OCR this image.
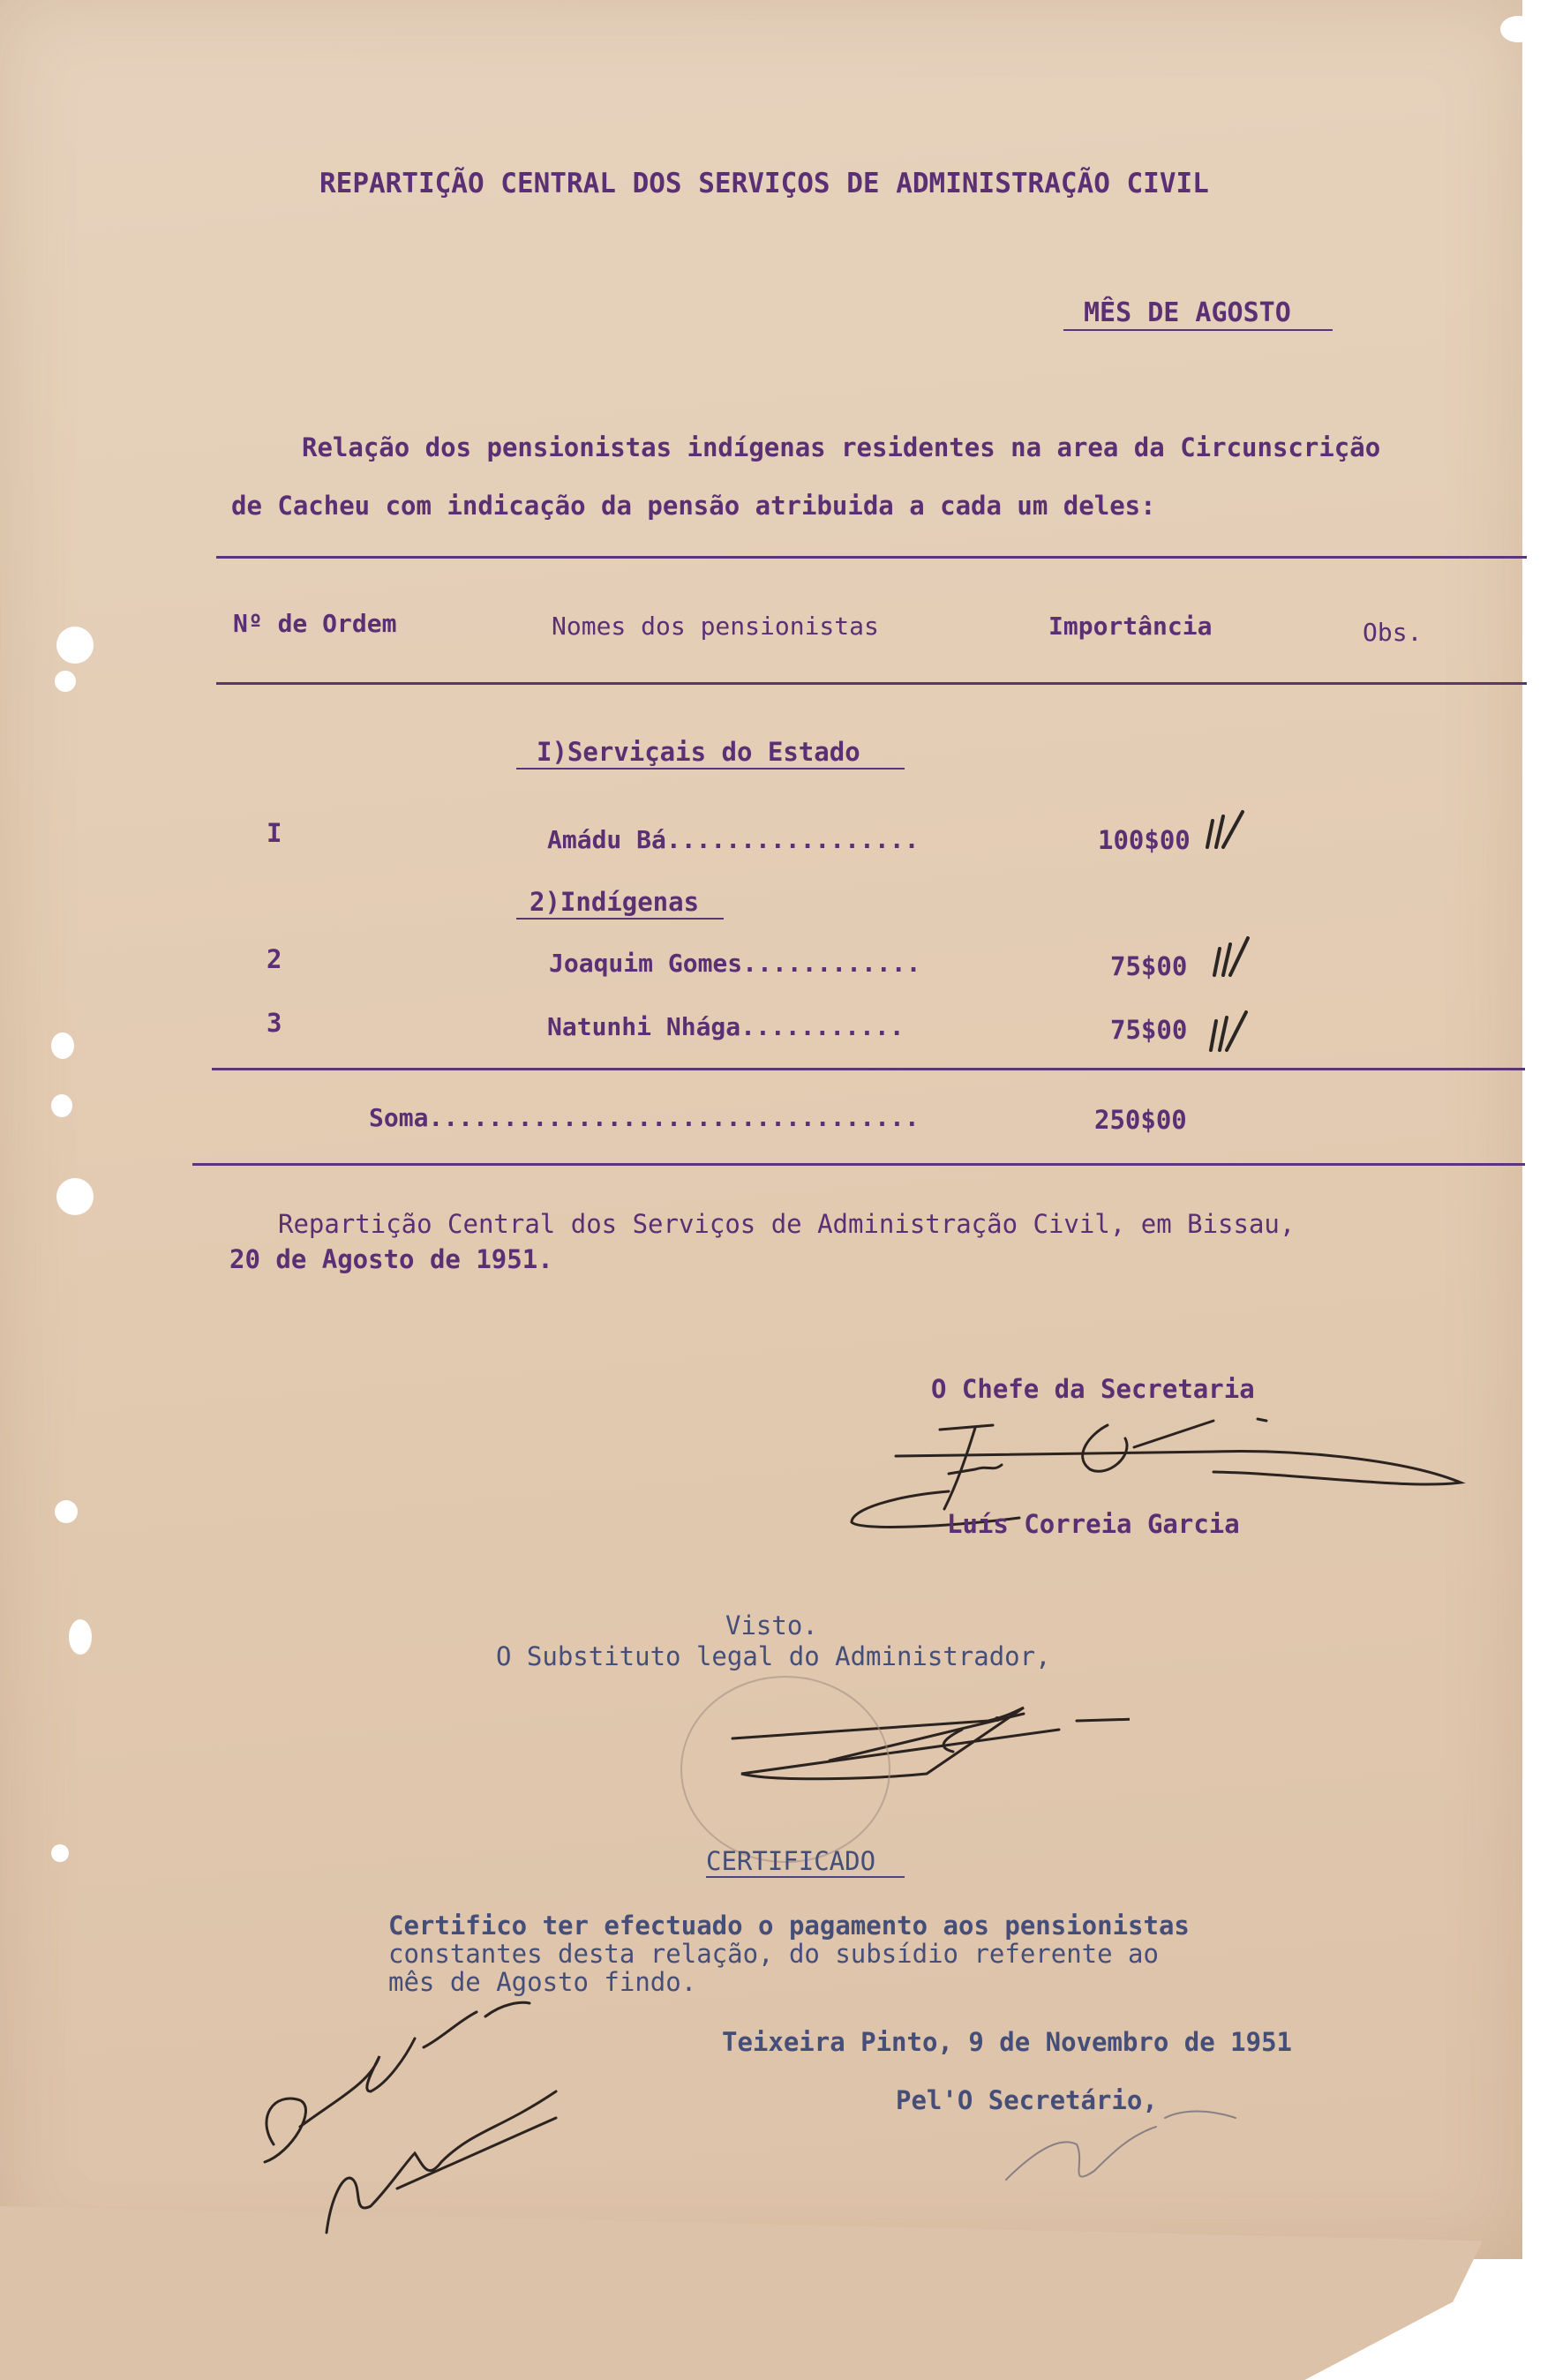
REPARTIÇÃO CENTRAL DOS SERVIÇOS DE ADMINISTRAÇÃO CIVIL
MÊS DE AGOSTO
Relação dos pensionistas indígenas residentes na area da Circunscrição
de Cacheu com indicação da pensão atribuida a cada um deles:
Nº de Ordem	Nomes dos pensionistas	Importância	Obs.
I)Serviçais do Estado
I	Amádu Bá.................	100$00
2)Indígenas
2	Joaquim Gomes............	75$00
3	Natunhi Nhága...........	75$00
Soma.................................	250$00
Repartição Central dos Serviços de Administração Civil, em Bissau,
20 de Agosto de 1951.
O Chefe da Secretaria
Luís Correia Garcia
Visto.
O Substituto legal do Administrador,
CERTIFICADO
Certifico ter efectuado o pagamento aos pensionistas
constantes desta relação, do subsídio referente ao
mês de Agosto findo.
Teixeira Pinto, 9 de Novembro de 1951
Pel'O Secretário,
